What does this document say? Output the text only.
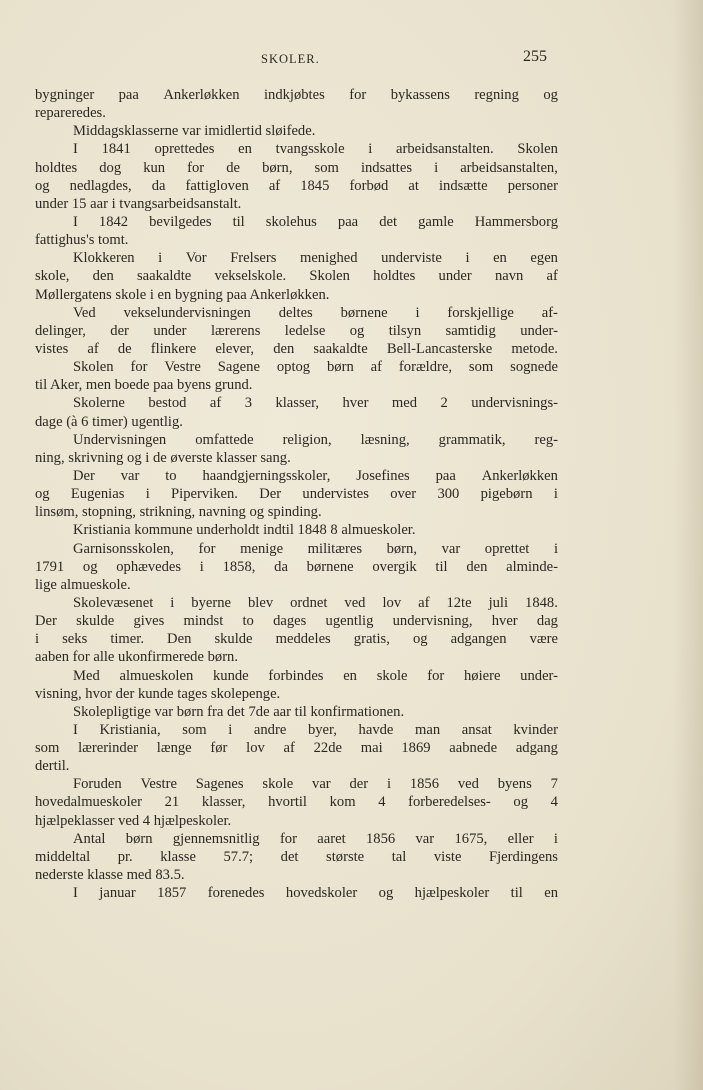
SKOLER.	255
bygninger paa Ankerløkken indkjøbtes for bykassens regning og
repareredes.
Middagsklasserne var imidlertid sløifede.
I 1841 oprettedes en tvangsskole i arbeidsanstalten. Skolen
holdtes dog kun for de børn, som indsattes i arbeidsanstalten,
og nedlagdes, da fattigloven af 1845 forbød at indsætte personer
under 15 aar i tvangsarbeidsanstalt.
I 1842 bevilgedes til skolehus paa det gamle Hammersborg
fattighus's tomt.
Klokkeren i Vor Frelsers menighed underviste i en egen
skole, den saakaldte vekselskole. Skolen holdtes under navn af
Møllergatens skole i en bygning paa Ankerløkken.
Ved vekselundervisningen deltes børnene i forskjellige af-
delinger, der under lærerens ledelse og tilsyn samtidig under-
vistes af de flinkere elever, den saakaldte Bell-Lancasterske metode.
Skolen for Vestre Sagene optog børn af forældre, som sognede
til Aker, men boede paa byens grund.
Skolerne bestod af 3 klasser, hver med 2 undervisnings-
dage (à 6 timer) ugentlig.
Undervisningen omfattede religion, læsning, grammatik, reg-
ning, skrivning og i de øverste klasser sang.
Der var to haandgjerningsskoler, Josefines paa Ankerløkken
og Eugenias i Piperviken. Der undervistes over 300 pigebørn i
linsøm, stopning, strikning, navning og spinding.
Kristiania kommune underholdt indtil 1848 8 almueskoler.
Garnisonsskolen, for menige militæres børn, var oprettet i
1791 og ophævedes i 1858, da børnene overgik til den alminde-
lige almueskole.
Skolevæsenet i byerne blev ordnet ved lov af 12te juli 1848.
Der skulde gives mindst to dages ugentlig undervisning, hver dag
i seks timer. Den skulde meddeles gratis, og adgangen være
aaben for alle ukonfirmerede børn.
Med almueskolen kunde forbindes en skole for høiere under-
visning, hvor der kunde tages skolepenge.
Skolepligtige var børn fra det 7de aar til konfirmationen.
I Kristiania, som i andre byer, havde man ansat kvinder
som lærerinder længe før lov af 22de mai 1869 aabnede adgang
dertil.
Foruden Vestre Sagenes skole var der i 1856 ved byens 7
hovedalmueskoler 21 klasser, hvortil kom 4 forberedelses- og 4
hjælpeklasser ved 4 hjælpeskoler.
Antal børn gjennemsnitlig for aaret 1856 var 1675, eller i
middeltal pr. klasse 57.7; det største tal viste Fjerdingens
nederste klasse med 83.5.
I januar 1857 forenedes hovedskoler og hjælpeskoler til en
